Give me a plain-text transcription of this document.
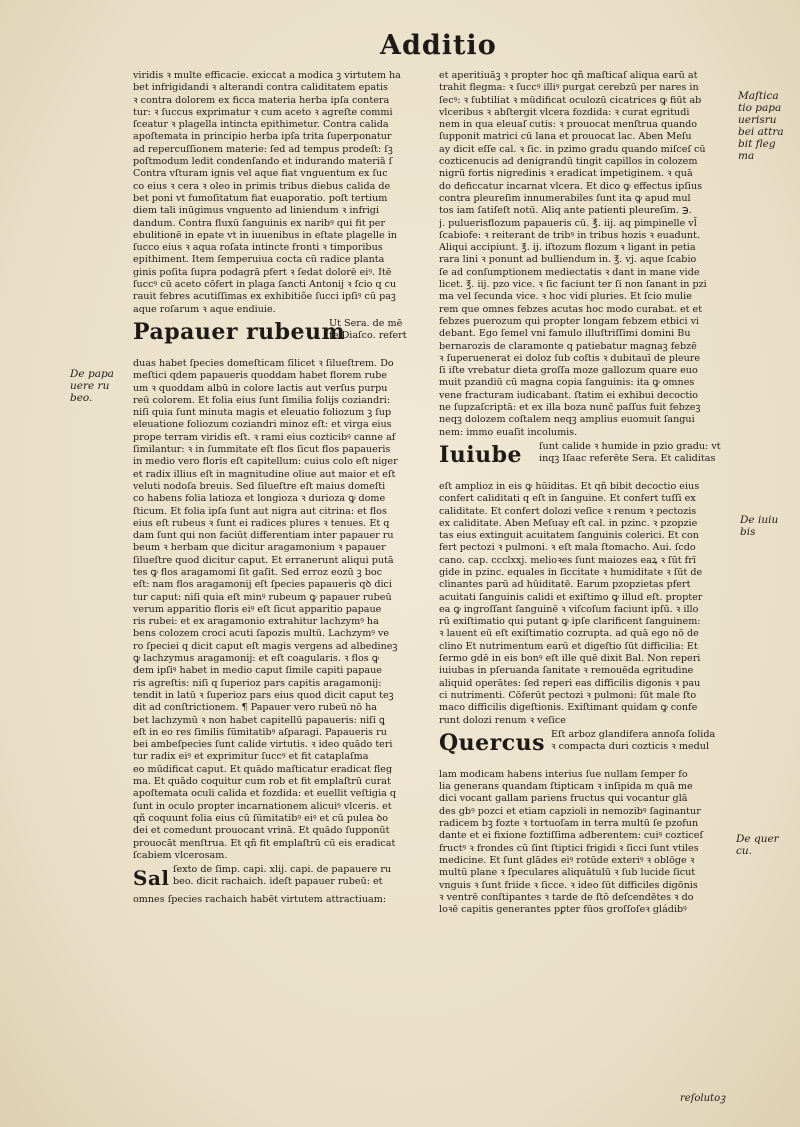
Additio
viridis ꝛ multe efficacie. exiccat a modica ꝫ virtutem ha
bet infrigidandi ꝛ alterandi contra caliditatem epatis
ꝛ contra dolorem ex ficca materia herba ipſa contera
tur: ꝛ ſuccus exprimatur ꝛ cum aceto ꝛ agreſte commi
ſceatur ꝛ plagella intincta epithimetur. Contra calida
apoſtemata in principio herba ipſa trita ſuperponatur
ad repercuſſionem materie: ſed ad tempus prodeſt: ſꝫ
poſtmodum ledit condenſando et indurando materiā ſ
Contra vſturam ignis vel aque fiat vnguentum ex ſuc
co eius ꝛ cera ꝛ oleo in primis tribus diebus calida de
bet poni vt fumoſitatum fiat euaporatio. poſt tertium
diem tali inūgimus vnguento ad liniendum ꝛ infrigi
dandum. Contra fluxū ſanguinis ex naribꝰ qui fit per
ebulitionē in epate vt in iuuenibus in eſtate plagelle in
ſucco eius ꝛ aqua roſata intincte fronti ꝛ timporibus
epithiment. Item ſemperuiua cocta cū radice planta
ginis poſita ſupra podagrā pfert ꝛ ſedat dolorē eiꝰ. Itē
ſuccꝰ cū aceto cōfert in plaga ſancti Antonij ꝛ ſcio q cu
rauit febres acutiſſimas ex exhibitiõe ſucci ipſiꝰ cū paꝫ
aque roſarum ꝛ aque endiuie.
Papauer rubeum
Ut Sera. de mē
te Diaſco. refert
duas habet ſpecies domeſticam ſilicet ꝛ ſilueſtrem. Do
meſtici qdem papaueris quoddam habet florem rube
um ꝛ quoddam albū in colore lactis aut verſus purpu
reū colorem. Et folia eius ſunt ſimilia folijs coziandri:
niſi quia ſunt minuta magis et eleuatio foliozum ꝫ ſup
eleuatione foliozum coziandri minoz eſt: et virga eius
prope terram viridis eſt. ꝛ rami eius cozticibꝰ canne af
ſimilantur: ꝛ in ſummitate eſt flos ſicut flos papaueris
in medio vero floris eſt capitellum: cuius colo eſt niger
et radix illius eſt in magnitudine oliue aut maior et eſt
veluti nodoſa breuis. Sed ſilueſtre eſt maius domeſti
co habens folia latioza et longioza ꝛ durioza ꝙ dome
ſticum. Et folia ipſa ſunt aut nigra aut citrina: et flos
eius eſt rubeus ꝛ ſunt ei radices plures ꝛ tenues. Et q
dam ſunt qui non faciūt differentiam inter papauer ru
beum ꝛ herbam que dicitur aragamonium ꝛ papauer
ſilueſtre quod dicitur caput. Et erranerunt aliqui putā
tes ꝙ flos aragamomi ſit gaſit. Sed erroz eozū ꝫ boc
eſt: nam flos aragamonij eſt ſpecies papaueris qꝺ dici
tur caput: niſi quia eſt minꝰ rubeum ꝙ papauer rubeū
verum apparitio floris eiꝰ eſt ſicut apparitio papaue
ris rubei: et ex aragamonio extrahitur lachzymꝰ ha
bens colozem croci acuti ſapozis multū. Lachzymꝰ ve
ro ſpeciei q dicit caput eſt magis vergens ad albedineꝫ
ꝙ lachzymus aragamonij: et eſt coagularis. ꝛ flos ꝙ
dem ipſiꝰ habet in medio caput ſimile capiti papaue
ris agreſtis: niſi q ſuperioz pars capitis aragamonij:
tendit in latū ꝛ ſuperioz pars eius quod dicit caput teꝫ
dit ad conſtrictionem. ¶ Papauer vero rubeū nō ha
bet lachzymū ꝛ non habet capitellū papaueris: niſi ꝗ
eſt in eo res ſimilis ſūmitatibꝰ aſparagi. Papaueris ru
bei ambeſpecies ſunt calide virtutis. ꝛ ideo quādo teri
tur radix eiꝰ et exprimitur ſuccꝰ et fit cataplaſma
eo mūdificat caput. Et quādo maſticatur eradicat fleg
ma. Et quādo coquitur cum rob et fit emplaſtrū curat
apoſtemata oculi calida et fozdida: et euellit veſtigia q
ſunt in oculo propter incarnationem alicuiꝰ vlceris. et
qñ coquunt folia eius cū ſūmitatibꝰ eiꝰ et cū pulea ꝺo
dei et comedunt prouocant vrinā. Et quādo ſupponūt
prouocāt menſtrua. Et qñ fit emplaſtrū cū eis eradicat
ſcabiem vlcerosam.
Sal ſexto de ſimp. capi. xlij. capi. de papauere ru
beo. dicit rachaich. ideſt papauer rubeū: et
omnes ſpecies rachaich habēt virtutem attractiuam:
et aperitiuāꝫ ꝛ propter hoc qñ maſticaſ aliqua earū at
trahit flegma: ꝛ ſuccꝰ illiꝰ purgat cerebzū per nares in
ſecꝰ: ꝛ ſubtiliat ꝛ mūdificat oculozū cicatrices ꝙ fiūt ab
vlceribus ꝛ abſtergit vlcera fozdida: ꝛ curat egritudi
nem in qua eleuaſ cutis: ꝛ prouocat menſtrua quando
ſupponit matrici cū lana et prouocat lac. Aben Meſu
ay dicit eſſe cal. ꝛ ſic. in pzimo gradu quando miſceſ cū
cozticenucis ad denigrandū tingit capillos in colozem
nigrū fortis nigredinis ꝛ eradicat impetiginem. ꝛ quā
do deficcatur incarnat vlcera. Et dico ꝙ effectus ipſius
contra pleureſim innumerabiles ſunt ita ꝙ apud mul
tos iam ſatiſeſt notū. Aliq ante patienti pleureſim. ℈.
j. puluerisflozum papaueris cū. ℥. iij. aq pimpinelle vl̄
ſcabiofe: ꝛ reiterant de tribꝰ in tribus hozis ꝛ euadunt.
Aliqui accipiunt. ℥. ij. iſtozum flozum ꝛ ligant in petia
rara lini ꝛ ponunt ad bulliendum in. ℥. vj. aque ſcabio
ſe ad conſumptionem mediectatis ꝛ dant in mane vide
licet. ℥. iij. pzo vice. ꝛ ſic faciunt ter ſi non ſanant in pzi
ma vel ſecunda vice. ꝛ hoc vidi pluries. Et ſcio mulie
rem que omnes febzes acutas hoc modo curabat. et et
febzes puerozum qui propter longam febzem etbici vi
debant. Ego ſemel vni famulo illuſtriſſimi domini Bu
bernarozis de claramonte q patiebatur magnaꝫ febzē
ꝛ ſuperuenerat ei doloz ſub coſtis ꝛ dubitauī de pleure
ſi iſte vrebatur dieta groſſa moze gallozum quare euo
muit pzandiū cū magna copia ſanguinis: ita ꝙ omnes
vene fracturam iudicabant. ſtatim ei exhibui decoctio
ne ſupzaſcriptā: et ex illa boza nunc̄ paſſus fuit febzeꝫ
neqꝫ dolozem coſtalem neqꝫ amplius euomuit ſangui
nem: immo euaſit incolumis.
Iuiube ſunt calide ꝛ humide in pzio gradu: vt
inqꝫ Iſaac referēte Sera. Et caliditas
eſt amplioz in eis ꝙ hūiditas. Et qñ bibit decoctio eius
confert caliditati q eſt in ſanguine. Et confert tuſſi ex
caliditate. Et confert dolozi veſice ꝛ renum ꝛ pectozis
ex caliditate. Aben Meſuay eſt cal. in pzinc. ꝛ pzopzie
tas eius extinguit acuitatem ſanguinis colerici. Et con
fert pectozi ꝛ pulmoni. ꝛ eſt mala ſtomacho. Aui. ſcdo
cano. cap. ccclxxj. melioꝛes ſunt maiozes eaꝝ ꝛ ſūt frī
gide in pzinc. equales in ſiccitate ꝛ humiditate ꝛ ſūt de
clinantes parū ad hūiditatē. Earum pzopzietas pfert
acuitati ſanguinis calidi et exiſtimo ꝙ illud eſt. propter
ea ꝙ ingroſſant ſanguinē ꝛ viſcoſum faciunt ipſū. ꝛ illo
rū exiſtimatio qui putant ꝙ ipſe clarificent ſanguinem:
ꝛ lauent eū eſt exiſtimatio cozrupta. ad quā ego nō de
clino Et nutrimentum earū et digeſtio ſūt difficilia: Et
ſermo gdē in eis bonꝰ eſt ille quē dixit Bal. Non reperi
iuiubas in pſeruanda ſanitate ꝛ remouēda egritudine
aliquid operātes: ſed reperi eas difficilis digonis ꝛ pau
ci nutrimenti. Cōferūt pectozi ꝛ pulmoni: ſūt male ſto
maco difficilis digeſtionis. Exiſtimant quidam ꝙ confe
runt dolozi renum ꝛ veſice
Quercus Eſt arboz glandifera annoſa ſolida
ꝛ compacta duri cozticis ꝛ medul
lam modicam habens interius ſue nullam ſemper fo
lia generans quandam ſtipticam ꝛ inſipida m quā me
dici vocant gallam pariens fructus qui vocantur glā
des gbꝰ pozci et etiam capzioli in nemozibꝰ ſaginantur
radicem bꝫ fozte ꝛ tortuoſam in terra multū ſe pzofun
dante et ei fixione foztiſſima adberentem: cuiꝰ cozticeſ
fructꝰ ꝛ frondes cū ſint ſtiptici frigidi ꝛ ſicci ſunt vtiles
medicine. Et ſunt glādes eiꝰ rotūde exteriꝰ ꝛ oblōge ꝛ
multū plane ꝛ ſpeculares aliquātulū ꝛ ſub lucide ſicut
vnguis ꝛ ſunt friide ꝛ ſicce. ꝛ ideo ſūt difficiles digōnis
ꝛ ventrē conſtipantes ꝛ tarde de ſtō deſcendētes ꝛ do
loꝛē capitis generantes pꝑter fūos groſſoſeꝛ gládibꝰ
De papa uere ru beo.
Maſtica tio papa uerisru bei attra bit fleg ma
De iuiu bis
De quer cu.
reſolutoꝫ
